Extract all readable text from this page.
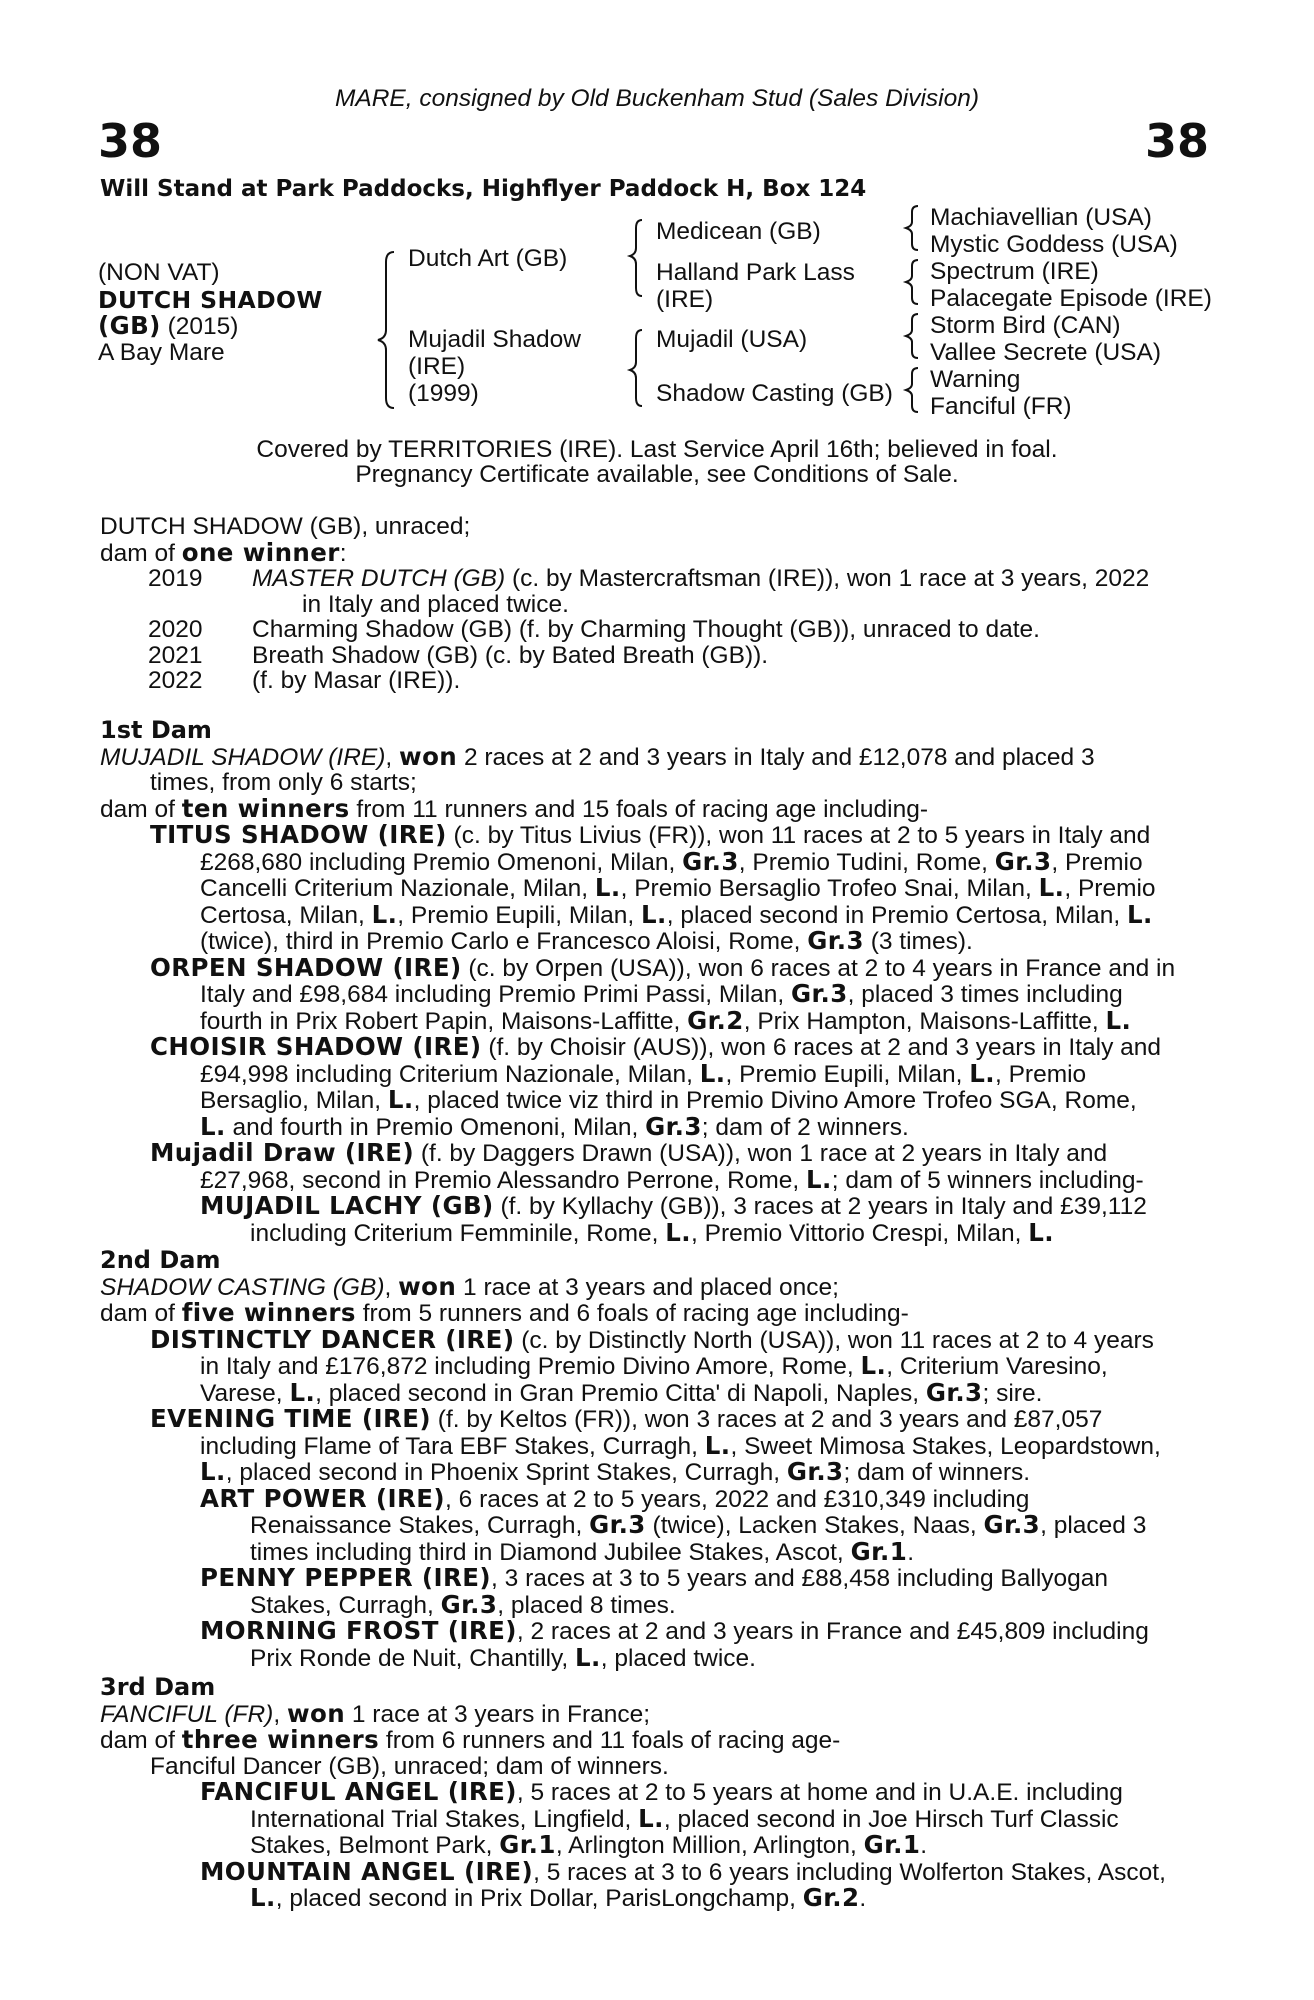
MARE, consigned by Old Buckenham Stud (Sales Division)
38	38
Will Stand at Park Paddocks, Highflyer Paddock H, Box 124
(NON VAT)
DUTCH SHADOW
(GB) (2015)
A Bay Mare
Dutch Art (GB)
Mujadil Shadow
(IRE)
(1999)
Medicean (GB)
Halland Park Lass
(IRE)
Mujadil (USA)
Shadow Casting (GB)
Machiavellian (USA)
Mystic Goddess (USA)
Spectrum (IRE)
Palacegate Episode (IRE)
Storm Bird (CAN)
Vallee Secrete (USA)
Warning
Fanciful (FR)
Covered by TERRITORIES (IRE). Last Service April 16th; believed in foal.
Pregnancy Certificate available, see Conditions of Sale.

DUTCH SHADOW (GB), unraced;

dam of one winner:

2019 MASTER DUTCH (GB) (c. by Mastercraftsman (IRE)), won 1 race at 3 years, 2022

in Italy and placed twice.

2020 Charming Shadow (GB) (f. by Charming Thought (GB)), unraced to date.

2021 Breath Shadow (GB) (c. by Bated Breath (GB)).

2022 (f. by Masar (IRE)).

1st Dam

MUJADIL SHADOW (IRE), won 2 races at 2 and 3 years in Italy and £12,078 and placed 3

times, from only 6 starts;

dam of ten winners from 11 runners and 15 foals of racing age including-

TITUS SHADOW (IRE) (c. by Titus Livius (FR)), won 11 races at 2 to 5 years in Italy and

£268,680 including Premio Omenoni, Milan, Gr.3, Premio Tudini, Rome, Gr.3, Premio

Cancelli Criterium Nazionale, Milan, L., Premio Bersaglio Trofeo Snai, Milan, L., Premio

Certosa, Milan, L., Premio Eupili, Milan, L., placed second in Premio Certosa, Milan, L.

(twice), third in Premio Carlo e Francesco Aloisi, Rome, Gr.3 (3 times).

ORPEN SHADOW (IRE) (c. by Orpen (USA)), won 6 races at 2 to 4 years in France and in

Italy and £98,684 including Premio Primi Passi, Milan, Gr.3, placed 3 times including

fourth in Prix Robert Papin, Maisons-Laffitte, Gr.2, Prix Hampton, Maisons-Laffitte, L.

CHOISIR SHADOW (IRE) (f. by Choisir (AUS)), won 6 races at 2 and 3 years in Italy and

£94,998 including Criterium Nazionale, Milan, L., Premio Eupili, Milan, L., Premio

Bersaglio, Milan, L., placed twice viz third in Premio Divino Amore Trofeo SGA, Rome,

L. and fourth in Premio Omenoni, Milan, Gr.3; dam of 2 winners.

Mujadil Draw (IRE) (f. by Daggers Drawn (USA)), won 1 race at 2 years in Italy and

£27,968, second in Premio Alessandro Perrone, Rome, L.; dam of 5 winners including-

MUJADIL LACHY (GB) (f. by Kyllachy (GB)), 3 races at 2 years in Italy and £39,112

including Criterium Femminile, Rome, L., Premio Vittorio Crespi, Milan, L.

2nd Dam

SHADOW CASTING (GB), won 1 race at 3 years and placed once;

dam of five winners from 5 runners and 6 foals of racing age including-

DISTINCTLY DANCER (IRE) (c. by Distinctly North (USA)), won 11 races at 2 to 4 years

in Italy and £176,872 including Premio Divino Amore, Rome, L., Criterium Varesino,

Varese, L., placed second in Gran Premio Citta' di Napoli, Naples, Gr.3; sire.

EVENING TIME (IRE) (f. by Keltos (FR)), won 3 races at 2 and 3 years and £87,057

including Flame of Tara EBF Stakes, Curragh, L., Sweet Mimosa Stakes, Leopardstown,

L., placed second in Phoenix Sprint Stakes, Curragh, Gr.3; dam of winners.

ART POWER (IRE), 6 races at 2 to 5 years, 2022 and £310,349 including

Renaissance Stakes, Curragh, Gr.3 (twice), Lacken Stakes, Naas, Gr.3, placed 3

times including third in Diamond Jubilee Stakes, Ascot, Gr.1.

PENNY PEPPER (IRE), 3 races at 3 to 5 years and £88,458 including Ballyogan

Stakes, Curragh, Gr.3, placed 8 times.

MORNING FROST (IRE), 2 races at 2 and 3 years in France and £45,809 including

Prix Ronde de Nuit, Chantilly, L., placed twice.

3rd Dam

FANCIFUL (FR), won 1 race at 3 years in France;

dam of three winners from 6 runners and 11 foals of racing age-

Fanciful Dancer (GB), unraced; dam of winners.

FANCIFUL ANGEL (IRE), 5 races at 2 to 5 years at home and in U.A.E. including

International Trial Stakes, Lingfield, L., placed second in Joe Hirsch Turf Classic

Stakes, Belmont Park, Gr.1, Arlington Million, Arlington, Gr.1.

MOUNTAIN ANGEL (IRE), 5 races at 3 to 6 years including Wolferton Stakes, Ascot,

L., placed second in Prix Dollar, ParisLongchamp, Gr.2.
